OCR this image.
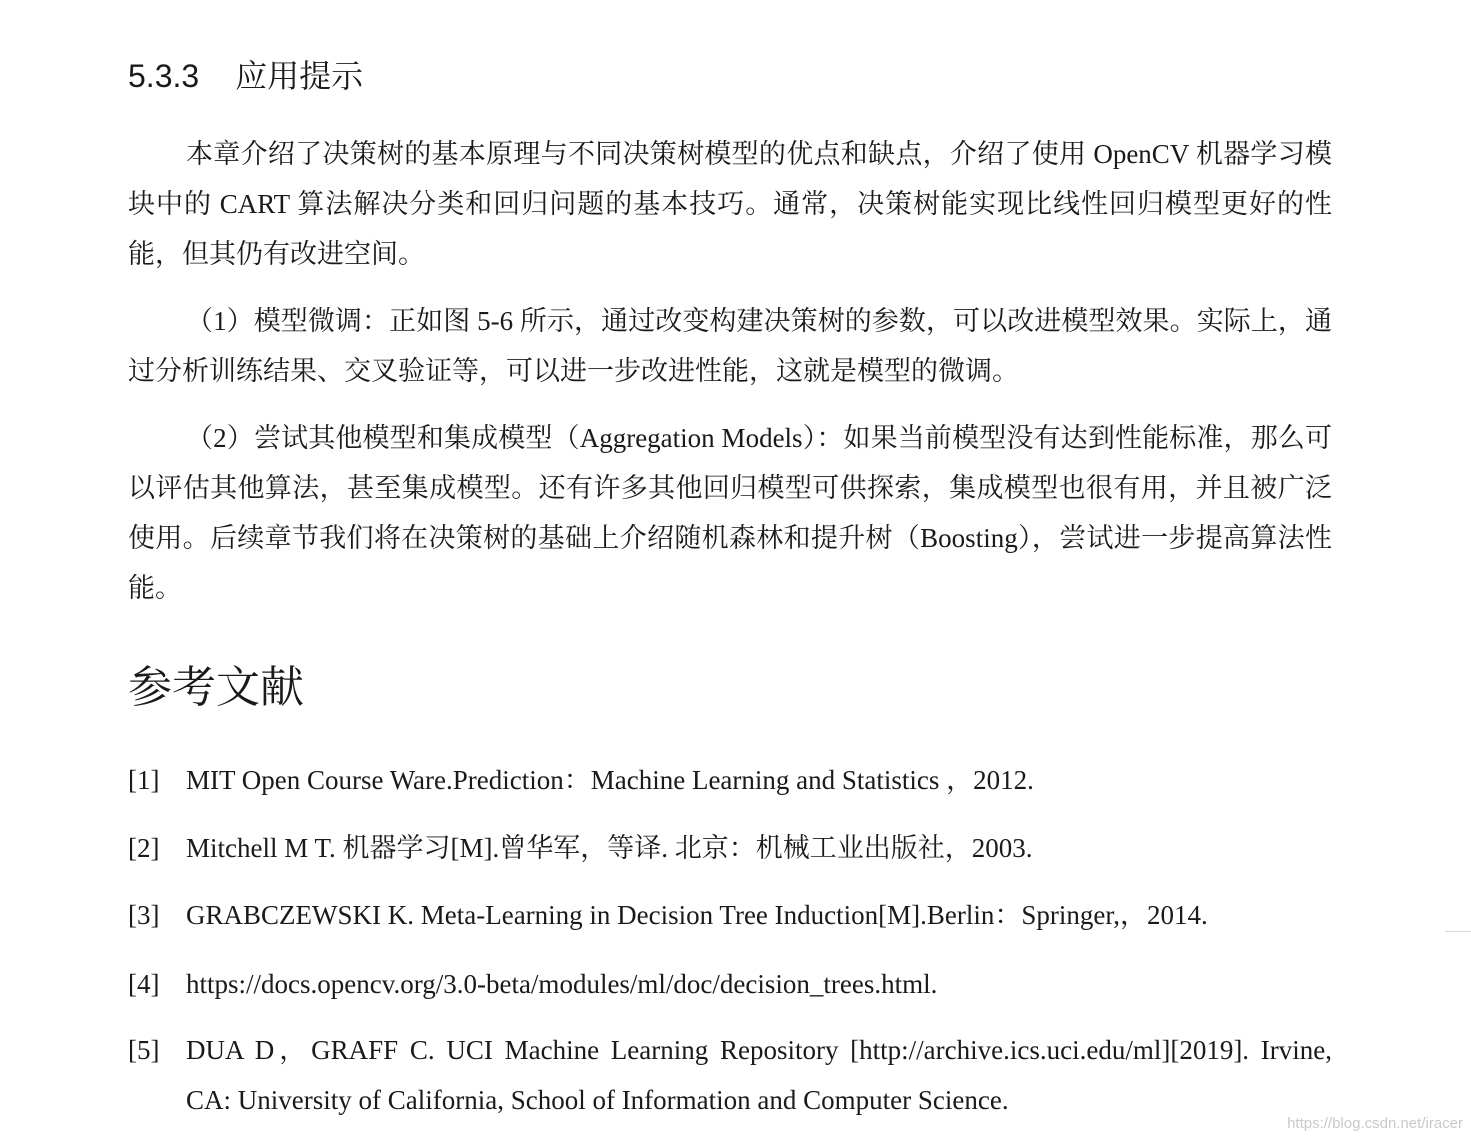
5.3.3 应用提示

本章介绍了决策树的基本原理与不同决策树模型的优点和缺点，介绍了使用 OpenCV 机器学习模块中的 CART 算法解决分类和回归问题的基本技巧。通常，决策树能实现比线性回归模型更好的性能，但其仍有改进空间。

（1）模型微调：正如图 5-6 所示，通过改变构建决策树的参数，可以改进模型效果。实际上，通过分析训练结果、交叉验证等，可以进一步改进性能，这就是模型的微调。

（2）尝试其他模型和集成模型（Aggregation Models）：如果当前模型没有达到性能标准，那么可以评估其他算法，甚至集成模型。还有许多其他回归模型可供探索，集成模型也很有用，并且被广泛使用。后续章节我们将在决策树的基础上介绍随机森林和提升树（Boosting），尝试进一步提高算法性能。

参考文献
[1] MIT Open Course Ware.Prediction：Machine Learning and Statistics ，2012.
[2] Mitchell M T. 机器学习[M].曾华军，等译. 北京：机械工业出版社，2003.
[3] GRABCZEWSKI K. Meta-Learning in Decision Tree Induction[M].Berlin：Springer,，2014.
[4] https://docs.opencv.org/3.0-beta/modules/ml/doc/decision_trees.html.
[5] DUA D，GRAFF C. UCI Machine Learning Repository [http://archive.ics.uci.edu/ml][2019]. Irvine, CA: University of California, School of Information and Computer Science.
https://blog.csdn.net/iracer
